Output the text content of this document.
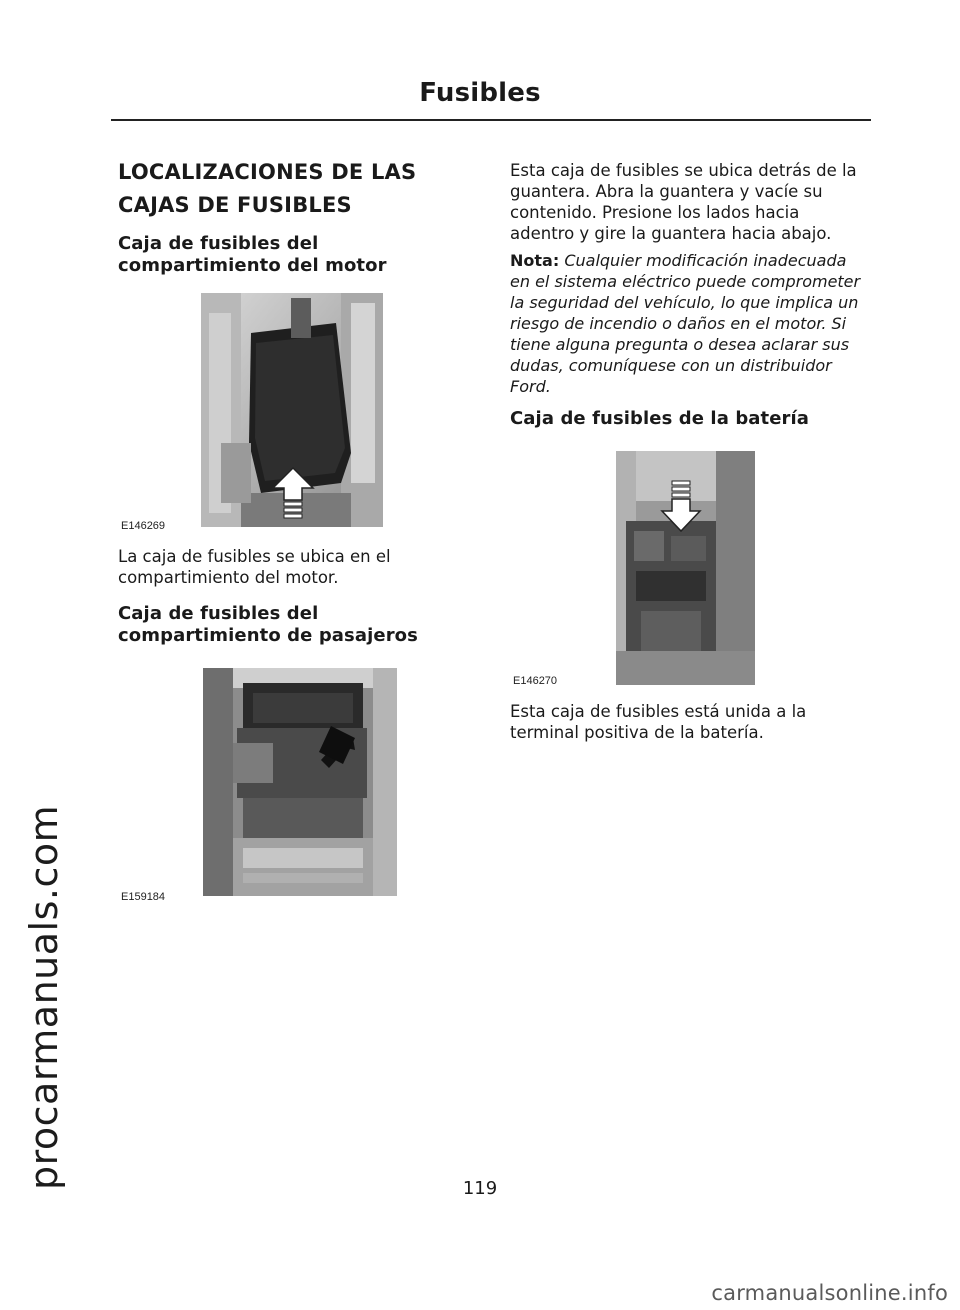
Fusibles
procarmanuals.com
LOCALIZACIONES DE LAS
CAJAS DE FUSIBLES
Caja de fusibles del
compartimiento del motor
E146269
La caja de fusibles se ubica en el
compartimiento del motor.
Caja de fusibles del
compartimiento de pasajeros
E159184
Esta caja de fusibles se ubica detrás de la
guantera. Abra la guantera y vacíe su
contenido. Presione los lados hacia
adentro y gire la guantera hacia abajo.
Nota: Cualquier modificación inadecuada
en el sistema eléctrico puede comprometer
la seguridad del vehículo, lo que implica un
riesgo de incendio o daños en el motor. Si
tiene alguna pregunta o desea aclarar sus
dudas, comuníquese con un distribuidor
Ford.
Caja de fusibles de la batería
E146270
Esta caja de fusibles está unida a la
terminal positiva de la batería.
119
carmanualsonline.info
